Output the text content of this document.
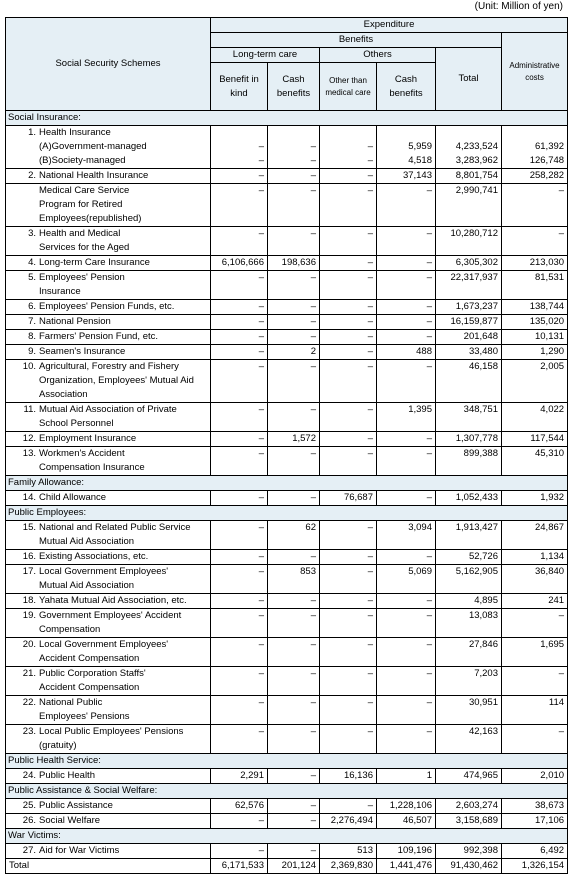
(Unit: Million of yen)
Social Security Schemes	Expenditure					
	Benefits					Administrative costs
	Long-term care		Others		Total	
	Benefit in kind	Cash benefits	Other than medical care	Cash benefits		
Social Insurance:						
1. Health Insurance						

(A)Government-managed	–	–	–	5,959	4,233,524	61,392

(B)Society-managed	–	–	–	4,518	3,283,962	126,748
2. National Health Insurance	–	–	–	37,143	8,801,754	258,282

Medical Care Service
Program for Retired
Employees(republished)	–	–	–	–	2,990,741	–
3. Health and Medical
Services for the Aged	–	–	–	–	10,280,712	–
4. Long-term Care Insurance	6,106,666	198,636	–	–	6,305,302	213,030
5. Employees' Pension
Insurance	–	–	–	–	22,317,937	81,531
6. Employees' Pension Funds, etc.	–	–	–	–	1,673,237	138,744
7. National Pension	–	–	–	–	16,159,877	135,020
8. Farmers' Pension Fund, etc.	–	–	–	–	201,648	10,131
9. Seamen's Insurance	–	2	–	488	33,480	1,290
10. Agricultural, Forestry and Fishery
Organization, Employees' Mutual Aid
Association	–	–	–	–	46,158	2,005
11. Mutual Aid Association of Private
School Personnel	–	–	–	1,395	348,751	4,022
12. Employment Insurance	–	1,572	–	–	1,307,778	117,544
13. Workmen's Accident
Compensation Insurance	–	–	–	–	899,388	45,310
Family Allowance:						
14. Child Allowance	–	–	76,687	–	1,052,433	1,932
Public Employees:						
15. National and Related Public Service
Mutual Aid Association	–	62	–	3,094	1,913,427	24,867
16. Existing Associations, etc.	–	–	–	–	52,726	1,134
17. Local Government Employees'
Mutual Aid Association	–	853	–	5,069	5,162,905	36,840
18. Yahata Mutual Aid Association, etc.	–	–	–	–	4,895	241
19. Government Employees' Accident
Compensation	–	–	–	–	13,083	–
20. Local Government Employees'
Accident Compensation	–	–	–	–	27,846	1,695
21. Public Corporation Staffs'
Accident Compensation	–	–	–	–	7,203	–
22. National Public
Employees' Pensions	–	–	–	–	30,951	114
23. Local Public Employees' Pensions
(gratuity)	–	–	–	–	42,163	–
Public Health Service:						
24. Public Health	2,291	–	16,136	1	474,965	2,010
Public Assistance & Social Welfare:						
25. Public Assistance	62,576	–	–	1,228,106	2,603,274	38,673
26. Social Welfare	–	–	2,276,494	46,507	3,158,689	17,106
War Victims:						
27. Aid for War Victims	–	–	513	109,196	992,398	6,492
Total	6,171,533	201,124	2,369,830	1,441,476	91,430,462	1,326,154
